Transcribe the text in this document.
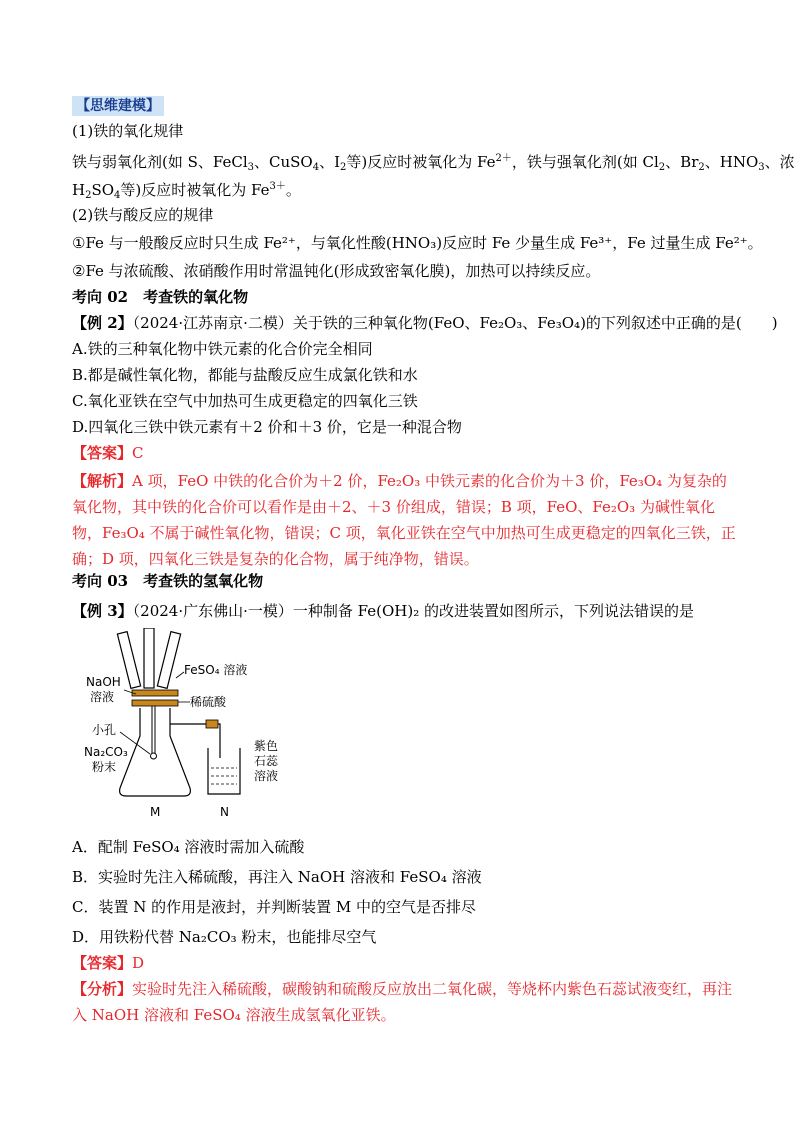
【思维建模】
(1)铁的氧化规律
铁与弱氧化剂(如 S、FeCl$_3$、CuSO$_4$、$I_2$等)反应时被氧化为 $Fe^{2+}$，铁与强氧化剂(如 $Cl_2$、$Br_2$、$HNO_3$、浓
$H_2SO_4$等)反应时被氧化为 $Fe^{3+}$。
(2)铁与酸反应的规律
①Fe 与一般酸反应时只生成 Fe²⁺，与氧化性酸(HNO₃)反应时 Fe 少量生成 Fe³⁺，Fe 过量生成 Fe²⁺。
②Fe 与浓硫酸、浓硝酸作用时常温钝化(形成致密氧化膜)，加热可以持续反应。
考向 02　考查铁的氧化物
【例 2】（2024·江苏南京·二模）关于铁的三种氧化物(FeO、Fe₂O₃、Fe₃O₄)的下列叙述中正确的是(　　)
A.铁的三种氧化物中铁元素的化合价完全相同
B.都是碱性氧化物，都能与盐酸反应生成氯化铁和水
C.氧化亚铁在空气中加热可生成更稳定的四氧化三铁
D.四氧化三铁中铁元素有＋2 价和＋3 价，它是一种混合物
【答案】C
【解析】A 项，FeO 中铁的化合价为＋2 价，Fe₂O₃ 中铁元素的化合价为＋3 价，Fe₃O₄ 为复杂的氧化物，其中铁的化合价可以看作是由＋2、＋3 价组成，错误；B 项，FeO、Fe₂O₃ 为碱性氧化物，Fe₃O₄ 不属于碱性氧化物，错误；C 项，氧化亚铁在空气中加热可生成更稳定的四氧化三铁，正确；D 项，四氧化三铁是复杂的化合物，属于纯净物，错误。
考向 03　考查铁的氢氧化物
【例 3】（2024·广东佛山·一模）一种制备 Fe(OH)₂ 的改进装置如图所示，下列说法错误的是
FeSO₄ 溶液
NaOH
溶液	稀硫酸
小孔
Na₂CO₃
粉末
紫色
石蕊
溶液
M	N
A．配制 FeSO₄ 溶液时需加入硫酸
B．实验时先注入稀硫酸，再注入 NaOH 溶液和 FeSO₄ 溶液
C．装置 N 的作用是液封，并判断装置 M 中的空气是否排尽
D．用铁粉代替 Na₂CO₃ 粉末，也能排尽空气
【答案】D
【分析】实验时先注入稀硫酸，碳酸钠和硫酸反应放出二氧化碳，等烧杯内紫色石蕊试液变红，再注入 NaOH 溶液和 FeSO₄ 溶液生成氢氧化亚铁。
